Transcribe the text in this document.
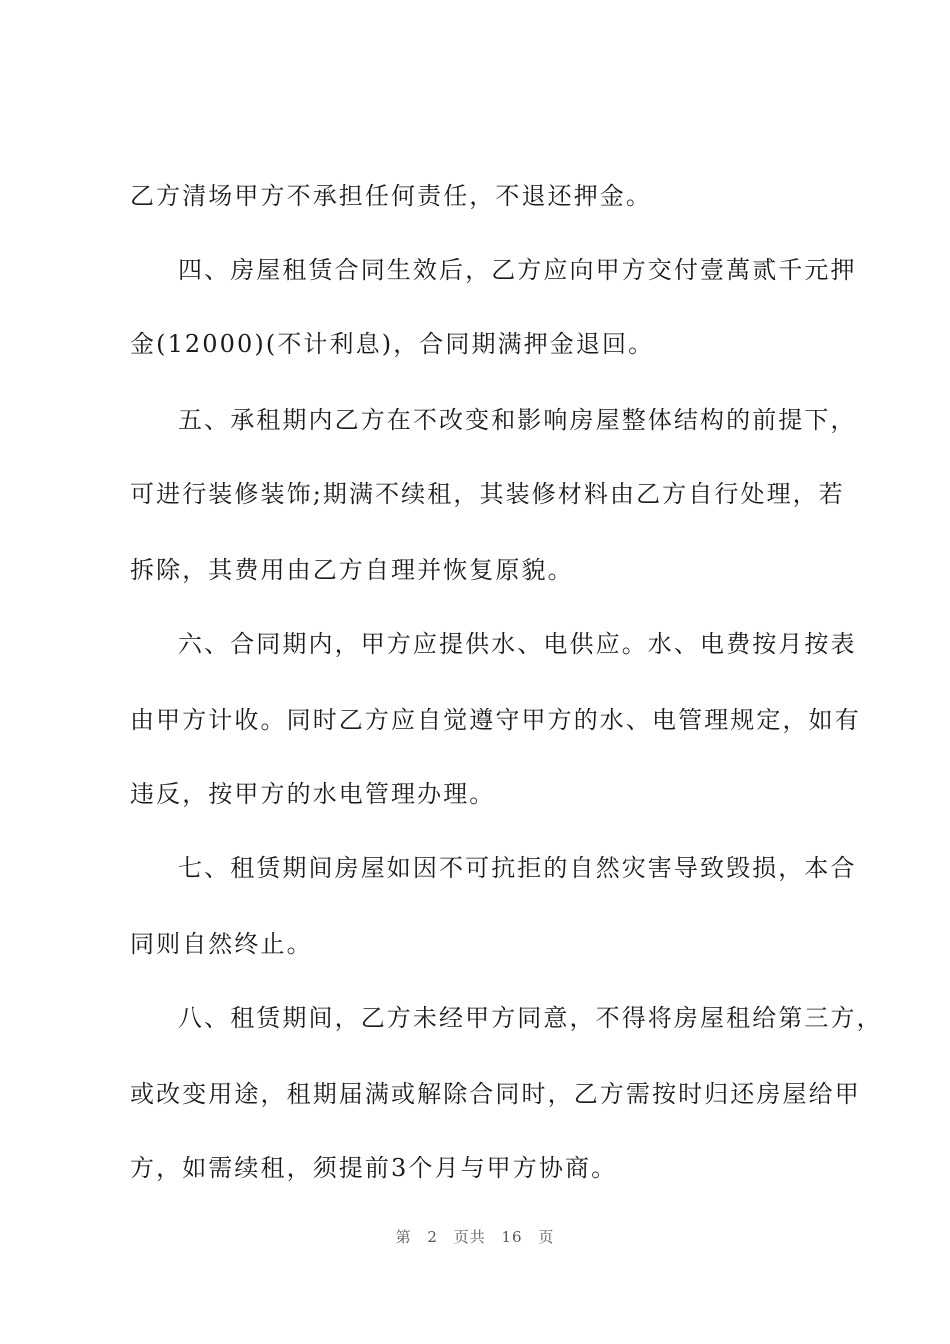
乙方清场甲方不承担任何责任，不退还押金。
四、房屋租赁合同生效后，乙方应向甲方交付壹萬贰千元押
金(12000)(不计利息)，合同期满押金退回。
五、承租期内乙方在不改变和影响房屋整体结构的前提下，
可进行装修装饰;期满不续租，其装修材料由乙方自行处理，若
拆除，其费用由乙方自理并恢复原貌。
六、合同期内，甲方应提供水、电供应。水、电费按月按表
由甲方计收。同时乙方应自觉遵守甲方的水、电管理规定，如有
违反，按甲方的水电管理办理。
七、租赁期间房屋如因不可抗拒的自然灾害导致毁损，本合
同则自然终止。
八、租赁期间，乙方未经甲方同意，不得将房屋租给第三方，
或改变用途，租期届满或解除合同时，乙方需按时归还房屋给甲
方，如需续租，须提前3个月与甲方协商。
第 2 页共 16 页
